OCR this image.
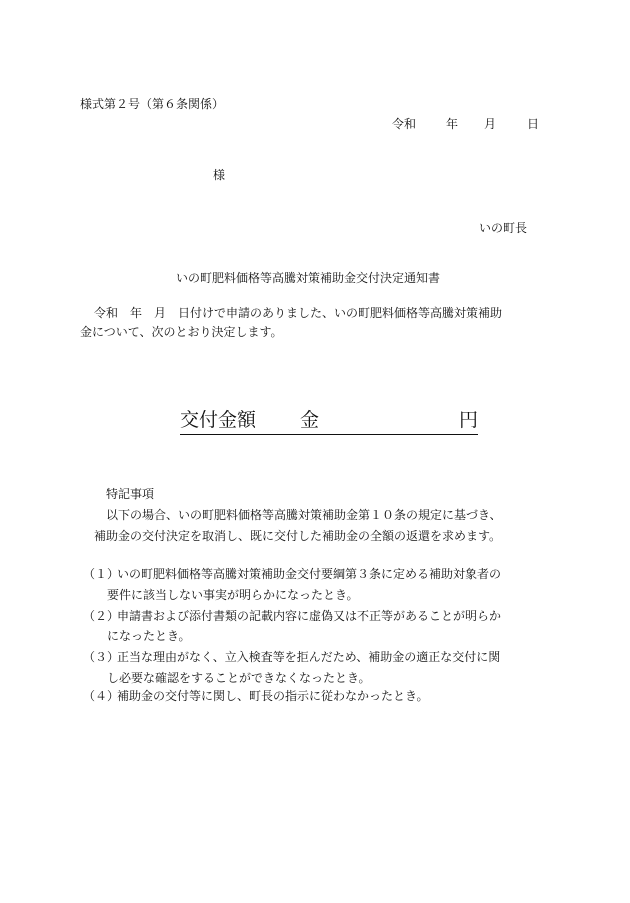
様式第２号（第６条関係）
令和 年 月	日
様
いの町長
いの町肥料価格等高騰対策補助金交付決定通知書
令和　年　月　日付けで申請のありました、いの町肥料価格等高騰対策補助
金について、次のとおり決定します。
交付金額 金	円
特記事項
以下の場合、いの町肥料価格等高騰対策補助金第１０条の規定に基づき、
補助金の交付決定を取消し、既に交付した補助金の全額の返還を求めます。
（１）いの町肥料価格等高騰対策補助金交付要綱第３条に定める補助対象者の
要件に該当しない事実が明らかになったとき。
（２）申請書および添付書類の記載内容に虚偽又は不正等があることが明らか
になったとき。
（３）正当な理由がなく、立入検査等を拒んだため、補助金の適正な交付に関
し必要な確認をすることができなくなったとき。
（４）補助金の交付等に関し、町長の指示に従わなかったとき。
